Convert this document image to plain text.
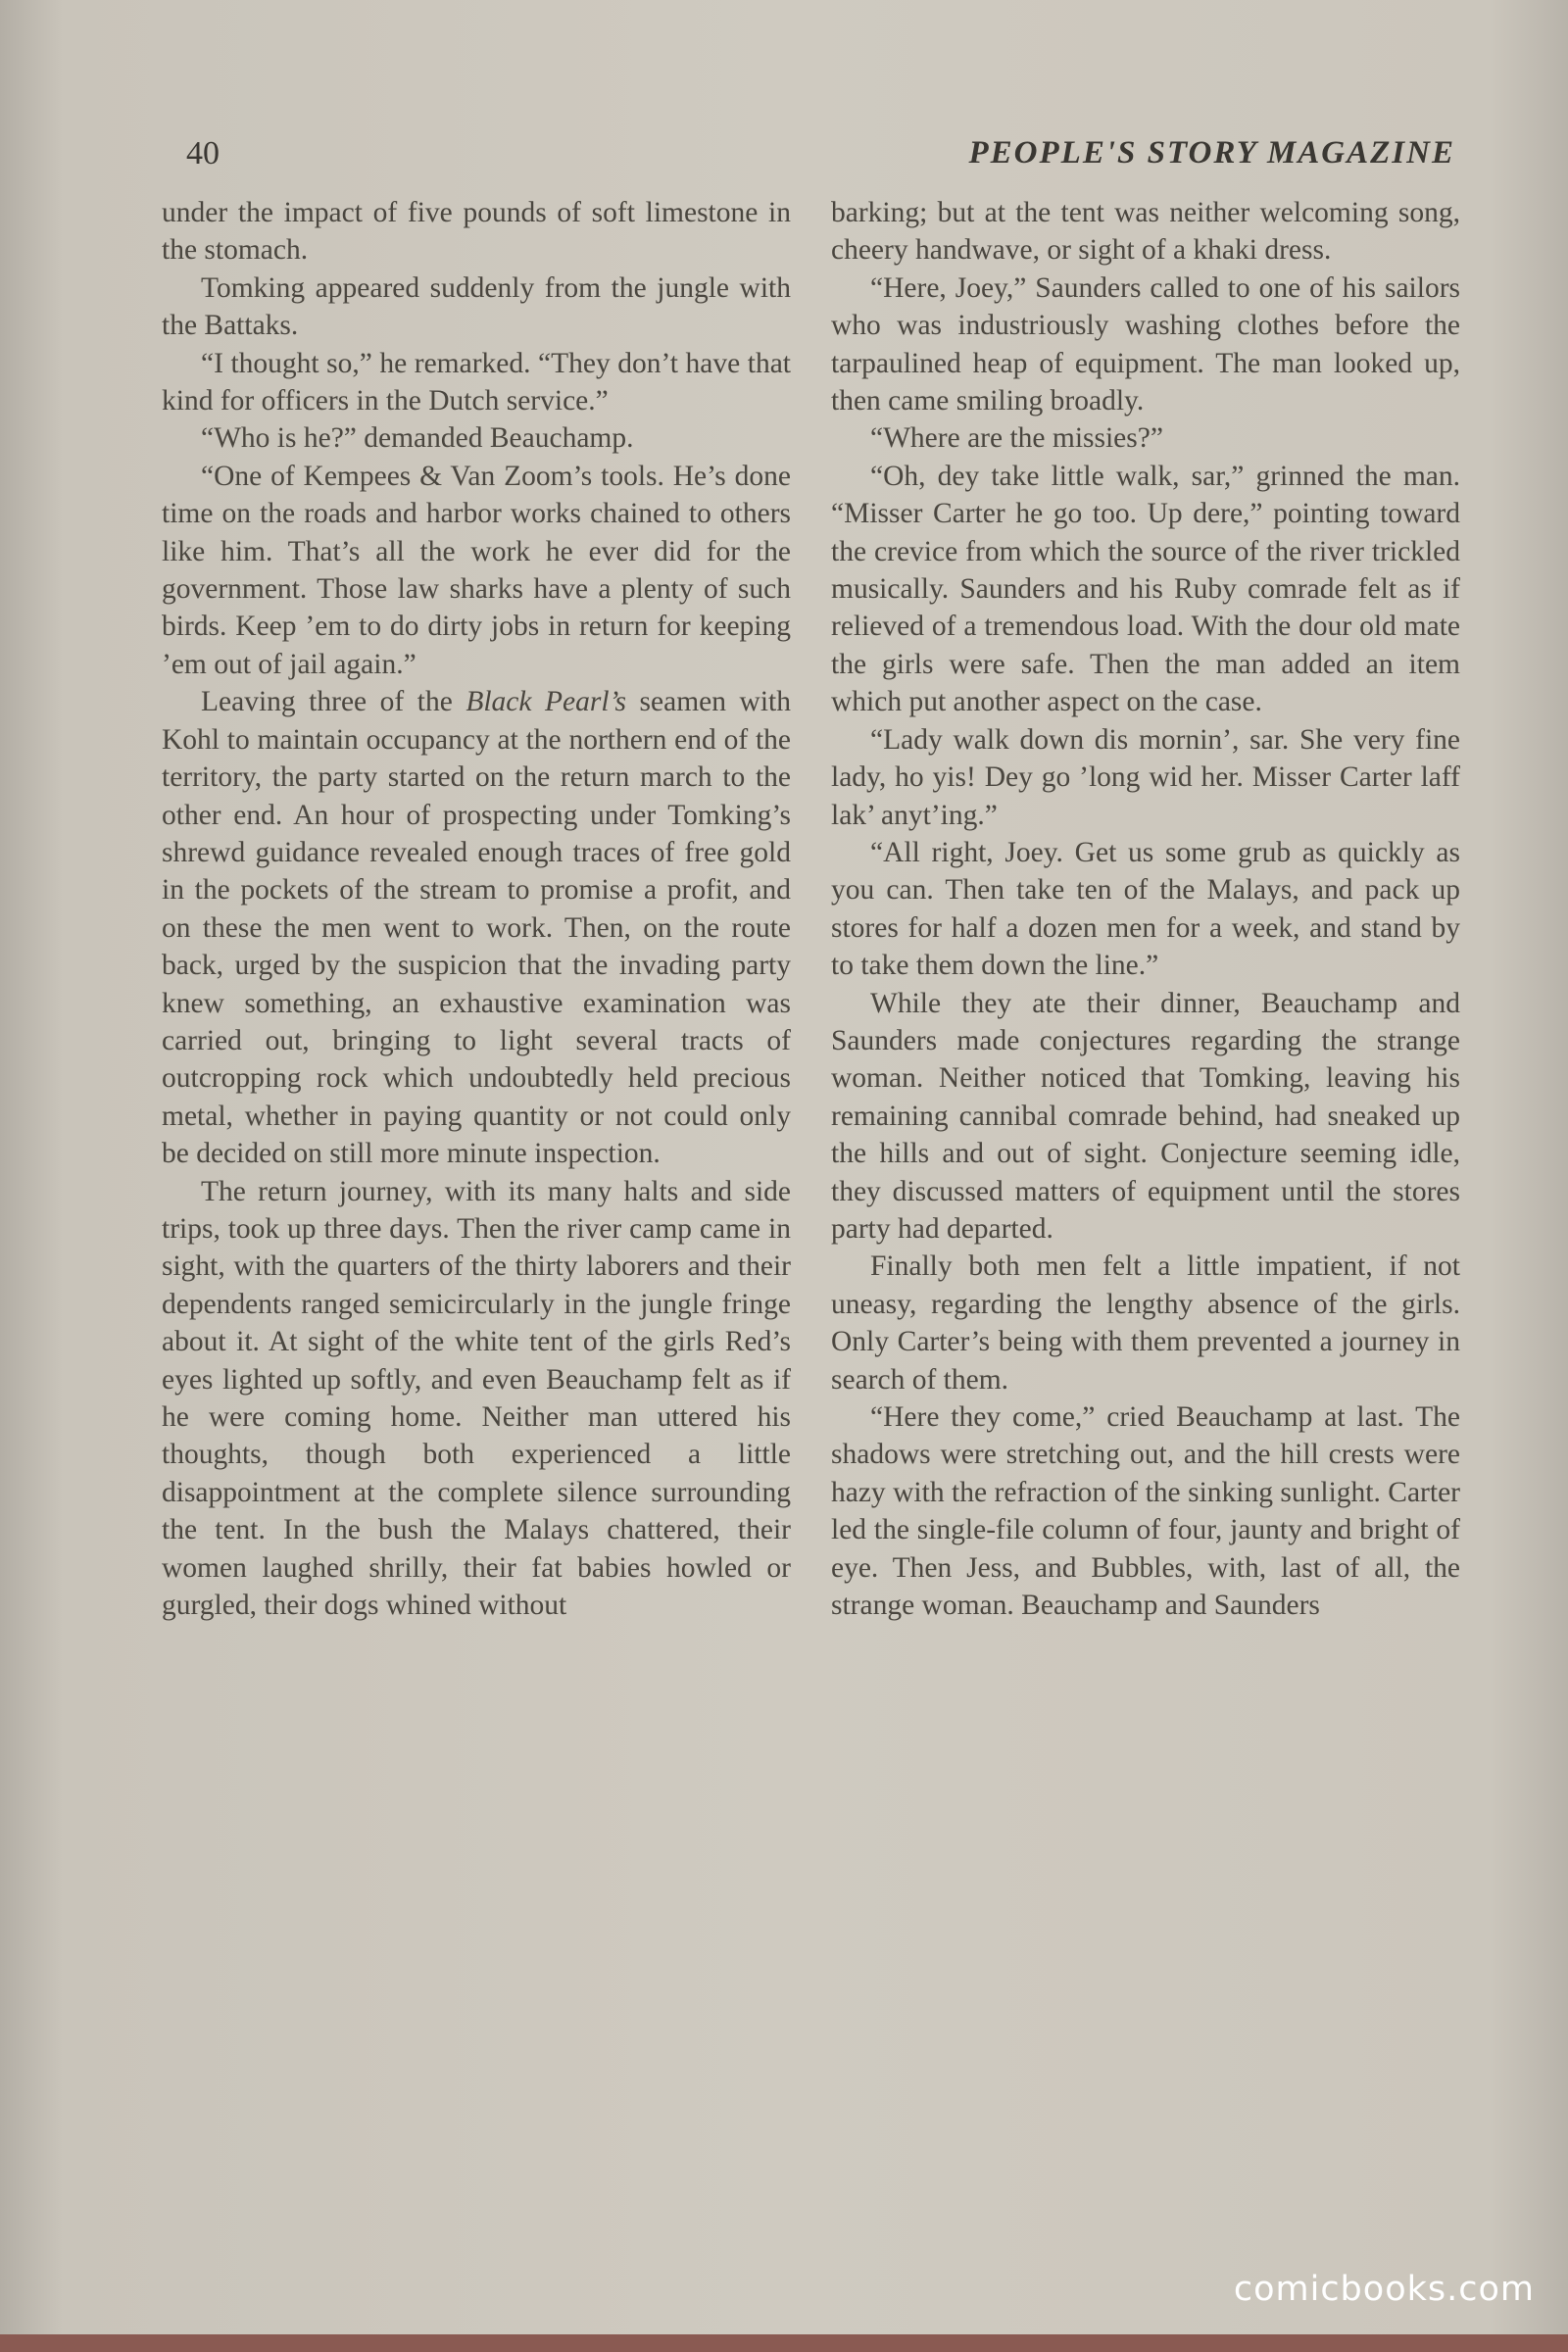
40	PEOPLE'S STORY MAGAZINE

under the impact of five pounds of soft limestone in the stomach.

Tomking appeared suddenly from the jungle with the Battaks.

“I thought so,” he remarked. “They don’t have that kind for officers in the Dutch service.”

“Who is he?” demanded Beauchamp.

“One of Kempees & Van Zoom’s tools. He’s done time on the roads and harbor works chained to others like him. That’s all the work he ever did for the government. Those law sharks have a plenty of such birds. Keep ’em to do dirty jobs in return for keeping ’em out of jail again.”

Leaving three of the Black Pearl’s seamen with Kohl to maintain occupancy at the northern end of the territory, the party started on the return march to the other end. An hour of prospecting under Tomking’s shrewd guidance revealed enough traces of free gold in the pockets of the stream to promise a profit, and on these the men went to work. Then, on the route back, urged by the suspicion that the invading party knew something, an exhaustive examination was carried out, bringing to light several tracts of outcropping rock which undoubtedly held precious metal, whether in paying quantity or not could only be decided on still more minute inspection.

The return journey, with its many halts and side trips, took up three days. Then the river camp came in sight, with the quarters of the thirty laborers and their dependents ranged semicircularly in the jungle fringe about it. At sight of the white tent of the girls Red’s eyes lighted up softly, and even Beauchamp felt as if he were coming home. Neither man uttered his thoughts, though both experienced a little disappointment at the complete silence surrounding the tent. In the bush the Malays chattered, their women laughed shrilly, their fat babies howled or gurgled, their dogs whined without

barking; but at the tent was neither welcoming song, cheery handwave, or sight of a khaki dress.

“Here, Joey,” Saunders called to one of his sailors who was industriously washing clothes before the tarpaulined heap of equipment. The man looked up, then came smiling broadly.

“Where are the missies?”

“Oh, dey take little walk, sar,” grinned the man. “Misser Carter he go too. Up dere,” pointing toward the crevice from which the source of the river trickled musically. Saunders and his Ruby comrade felt as if relieved of a tremendous load. With the dour old mate the girls were safe. Then the man added an item which put another aspect on the case.

“Lady walk down dis mornin’, sar. She very fine lady, ho yis! Dey go ’long wid her. Misser Carter laff lak’ anyt’ing.”

“All right, Joey. Get us some grub as quickly as you can. Then take ten of the Malays, and pack up stores for half a dozen men for a week, and stand by to take them down the line.”

While they ate their dinner, Beauchamp and Saunders made conjectures regarding the strange woman. Neither noticed that Tomking, leaving his remaining cannibal comrade behind, had sneaked up the hills and out of sight. Conjecture seeming idle, they discussed matters of equipment until the stores party had departed.

Finally both men felt a little impatient, if not uneasy, regarding the lengthy absence of the girls. Only Carter’s being with them prevented a journey in search of them.

“Here they come,” cried Beauchamp at last. The shadows were stretching out, and the hill crests were hazy with the refraction of the sinking sunlight. Carter led the single-file column of four, jaunty and bright of eye. Then Jess, and Bubbles, with, last of all, the strange woman. Beauchamp and Saunders

comicbooks.com
